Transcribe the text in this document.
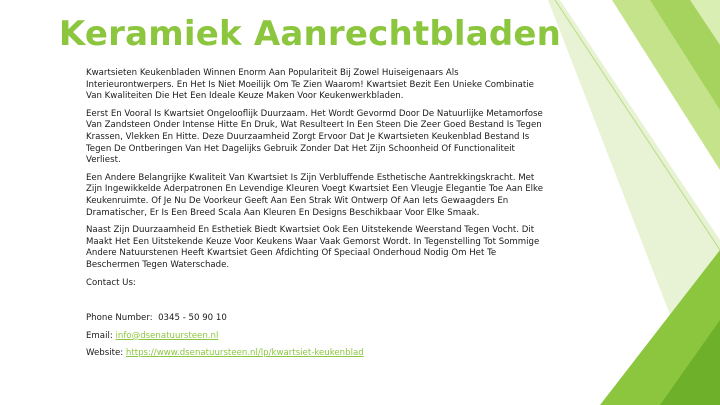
Keramiek Aanrechtbladen

Kwartsieten Keukenbladen Winnen Enorm Aan Populariteit Bij Zowel Huiseigenaars Als Interieurontwerpers. En Het Is Niet Moeilijk Om Te Zien Waarom! Kwartsiet Bezit Een Unieke Combinatie Van Kwaliteiten Die Het Een Ideale Keuze Maken Voor Keukenwerkbladen.

Eerst En Vooral Is Kwartsiet Ongelooflijk Duurzaam. Het Wordt Gevormd Door De Natuurlijke Metamorfose Van Zandsteen Onder Intense Hitte En Druk, Wat Resulteert In Een Steen Die Zeer Goed Bestand Is Tegen Krassen, Vlekken En Hitte. Deze Duurzaamheid Zorgt Ervoor Dat Je Kwartsieten Keukenblad Bestand Is Tegen De Ontberingen Van Het Dagelijks Gebruik Zonder Dat Het Zijn Schoonheid Of Functionaliteit Verliest.

Een Andere Belangrijke Kwaliteit Van Kwartsiet Is Zijn Verbluffende Esthetische Aantrekkingskracht. Met Zijn Ingewikkelde Aderpatronen En Levendige Kleuren Voegt Kwartsiet Een Vleugje Elegantie Toe Aan Elke Keukenruimte. Of Je Nu De Voorkeur Geeft Aan Een Strak Wit Ontwerp Of Aan Iets Gewaagders En Dramatischer, Er Is Een Breed Scala Aan Kleuren En Designs Beschikbaar Voor Elke Smaak.

Naast Zijn Duurzaamheid En Esthetiek Biedt Kwartsiet Ook Een Uitstekende Weerstand Tegen Vocht. Dit Maakt Het Een Uitstekende Keuze Voor Keukens Waar Vaak Gemorst Wordt. In Tegenstelling Tot Sommige Andere Natuurstenen Heeft Kwartsiet Geen Afdichting Of Speciaal Onderhoud Nodig Om Het Te Beschermen Tegen Waterschade.

Contact Us:

Phone Number: 0345 - 50 90 10

Email: info@dsenatuursteen.nl

Website: https://www.dsenatuursteen.nl/lp/kwartsiet-keukenblad
